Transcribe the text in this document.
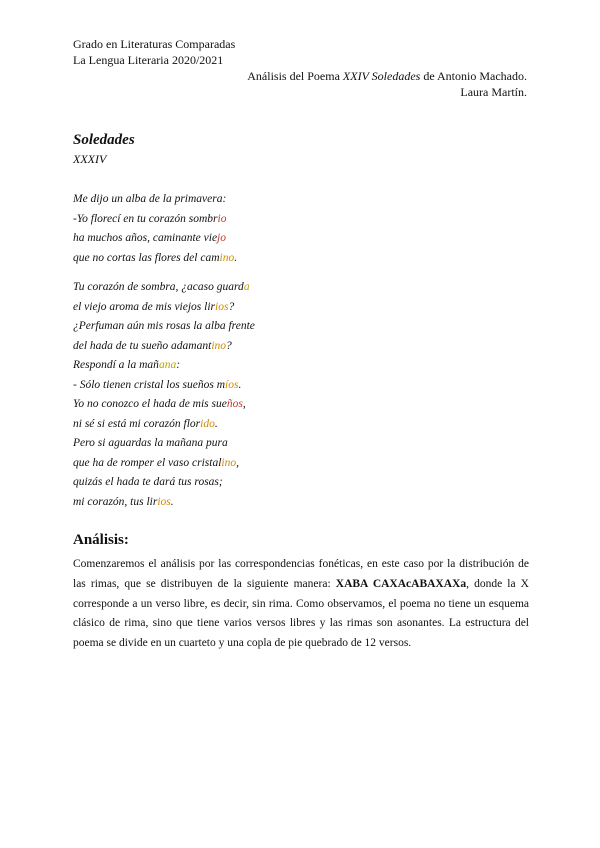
Grado en Literaturas Comparadas
La Lengua Literaria 2020/2021
Análisis del Poema XXIV Soledades de Antonio Machado.
Laura Martín.
Soledades
XXXIV
Me dijo un alba de la primavera:
-Yo florecí en tu corazón sombrio
ha muchos años, caminante viejo
que no cortas las flores del camino.
Tu corazón de sombra, ¿acaso guarda
el viejo aroma de mis viejos lirios?
¿Perfuman aún mis rosas la alba frente
del hada de tu sueño adamantino?
Respondí a la mañana:
- Sólo tienen cristal los sueños míos.
Yo no conozco el hada de mis sueños,
ni sé si está mi corazón florido.
Pero si aguardas la mañana pura
que ha de romper el vaso cristalino,
quizás el hada te dará tus rosas;
mi corazón, tus lirios.
Análisis:
Comenzaremos el análisis por las correspondencias fonéticas, en este caso por la distribución de las rimas, que se distribuyen de la siguiente manera: XABA CAXAcABAXAXa, donde la X corresponde a un verso libre, es decir, sin rima. Como observamos, el poema no tiene un esquema clásico de rima, sino que tiene varios versos libres y las rimas son asonantes. La estructura del poema se divide en un cuarteto y una copla de pie quebrado de 12 versos.
